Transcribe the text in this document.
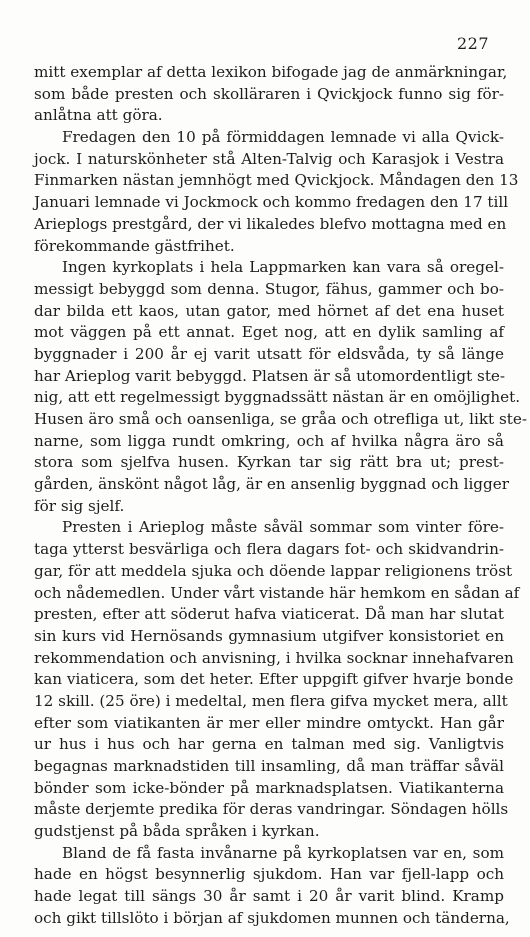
227
mitt exemplar af detta lexikon bifogade jag de anmärkningar,
som både presten och skolläraren i Qvickjock funno sig för-
anlåtna att göra.
Fredagen den 10 på förmiddagen lemnade vi alla Qvick-
jock. I naturskönheter stå Alten-Talvig och Karasjok i Vestra
Finmarken nästan jemnhögt med Qvickjock. Måndagen den 13
Januari lemnade vi Jockmock och kommo fredagen den 17 till
Arieplogs prestgård, der vi likaledes blefvo mottagna med en
förekommande gästfrihet.
Ingen kyrkoplats i hela Lappmarken kan vara så oregel-
messigt bebyggd som denna. Stugor, fähus, gammer och bo-
dar bilda ett kaos, utan gator, med hörnet af det ena huset
mot väggen på ett annat. Eget nog, att en dylik samling af
byggnader i 200 år ej varit utsatt för eldsvåda, ty så länge
har Arieplog varit bebyggd. Platsen är så utomordentligt ste-
nig, att ett regelmessigt byggnadssätt nästan är en omöjlighet.
Husen äro små och oansenliga, se gråa och otrefliga ut, likt ste-
narne, som ligga rundt omkring, och af hvilka några äro så
stora som sjelfva husen. Kyrkan tar sig rätt bra ut; prest-
gården, änskönt något låg, är en ansenlig byggnad och ligger
för sig sjelf.
Presten i Arieplog måste såväl sommar som vinter före-
taga ytterst besvärliga och flera dagars fot- och skidvandrin-
gar, för att meddela sjuka och döende lappar religionens tröst
och nådemedlen. Under vårt vistande här hemkom en sådan af
presten, efter att söderut hafva viaticerat. Då man har slutat
sin kurs vid Hernösands gymnasium utgifver konsistoriet en
rekommendation och anvisning, i hvilka socknar innehafvaren
kan viaticera, som det heter. Efter uppgift gifver hvarje bonde
12 skill. (25 öre) i medeltal, men flera gifva mycket mera, allt
efter som viatikanten är mer eller mindre omtyckt. Han går
ur hus i hus och har gerna en talman med sig. Vanligtvis
begagnas marknadstiden till insamling, då man träffar såväl
bönder som icke-bönder på marknadsplatsen. Viatikanterna
måste derjemte predika för deras vandringar. Söndagen hölls
gudstjenst på båda språken i kyrkan.
Bland de få fasta invånarne på kyrkoplatsen var en, som
hade en högst besynnerlig sjukdom. Han var fjell-lapp och
hade legat till sängs 30 år samt i 20 år varit blind. Kramp
och gikt tillslöto i början af sjukdomen munnen och tänderna,
